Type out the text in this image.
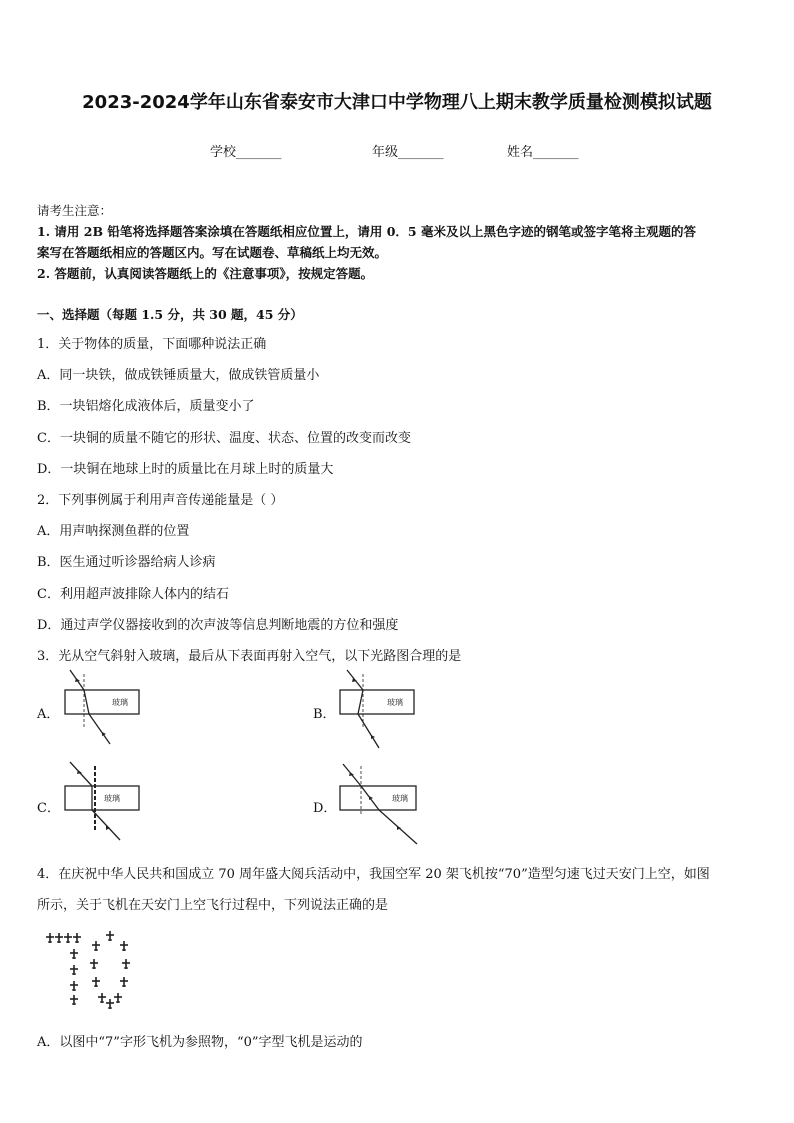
2023-2024学年山东省泰安市大津口中学物理八上期末教学质量检测模拟试题
学校_______	年级_______	姓名_______
请考生注意：
1. 请用 2B 铅笔将选择题答案涂填在答题纸相应位置上，请用 0．5 毫米及以上黑色字迹的钢笔或签字笔将主观题的答
案写在答题纸相应的答题区内。写在试题卷、草稿纸上均无效。
2. 答题前，认真阅读答题纸上的《注意事项》，按规定答题。
一、选择题（每题 1.5 分，共 30 题，45 分）
1．关于物体的质量，下面哪种说法正确
A．同一块铁，做成铁锤质量大，做成铁管质量小
B．一块铝熔化成液体后，质量变小了
C．一块铜的质量不随它的形状、温度、状态、位置的改变而改变
D．一块铜在地球上时的质量比在月球上时的质量大
2．下列事例属于利用声音传递能量是（ ）
A．用声呐探测鱼群的位置
B．医生通过听诊器给病人诊病
C．利用超声波排除人体内的结石
D．通过声学仪器接收到的次声波等信息判断地震的方位和强度
3．光从空气斜射入玻璃，最后从下表面再射入空气，以下光路图合理的是
A．
玻璃
B．
玻璃
C．
玻璃
D．
玻璃
4．在庆祝中华人民共和国成立 70 周年盛大阅兵活动中，我国空军 20 架飞机按“70”造型匀速飞过天安门上空，如图
所示，关于飞机在天安门上空飞行过程中，下列说法正确的是
A．以图中“7”字形飞机为参照物，“0”字型飞机是运动的
